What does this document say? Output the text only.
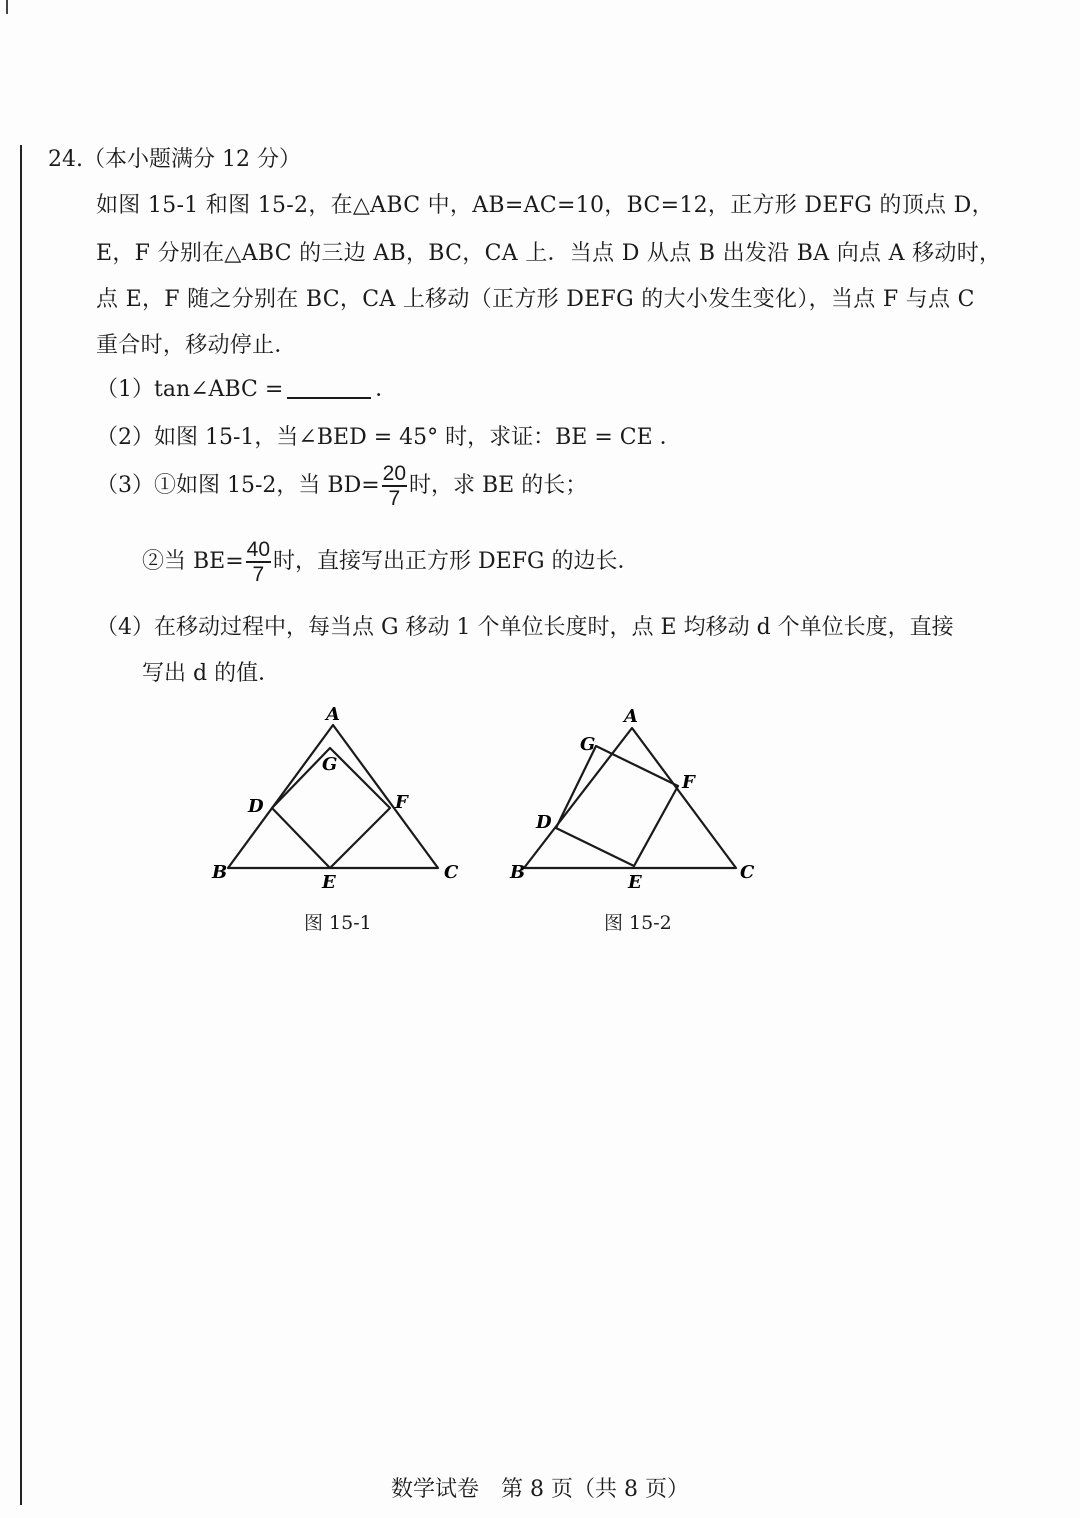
24.（本小题满分 12 分）
如图 15-1 和图 15-2，在△ABC 中，AB=AC=10，BC=12，正方形 DEFG 的顶点 D，
E，F 分别在△ABC 的三边 AB，BC，CA 上．当点 D 从点 B 出发沿 BA 向点 A 移动时，
点 E，F 随之分别在 BC，CA 上移动（正方形 DEFG 的大小发生变化），当点 F 与点 C
重合时，移动停止．
（1）tan∠ABC =	．
（2）如图 15-1，当∠BED = 45° 时，求证：BE = CE ．
（3）①如图 15-2，当 $BD= \frac{20}{7}$ 时，求 BE 的长；
②当 $BE= \frac{40}{7}$ 时，直接写出正方形 DEFG 的边长．
（4）在移动过程中，每当点 G 移动 1 个单位长度时，点 E 均移动 d 个单位长度，直接
写出 d 的值．
A
B	C
D
E
F
G
图 15-1
A
B	C
D
E
F
G
图 15-2
数学试卷　第 8 页（共 8 页）
